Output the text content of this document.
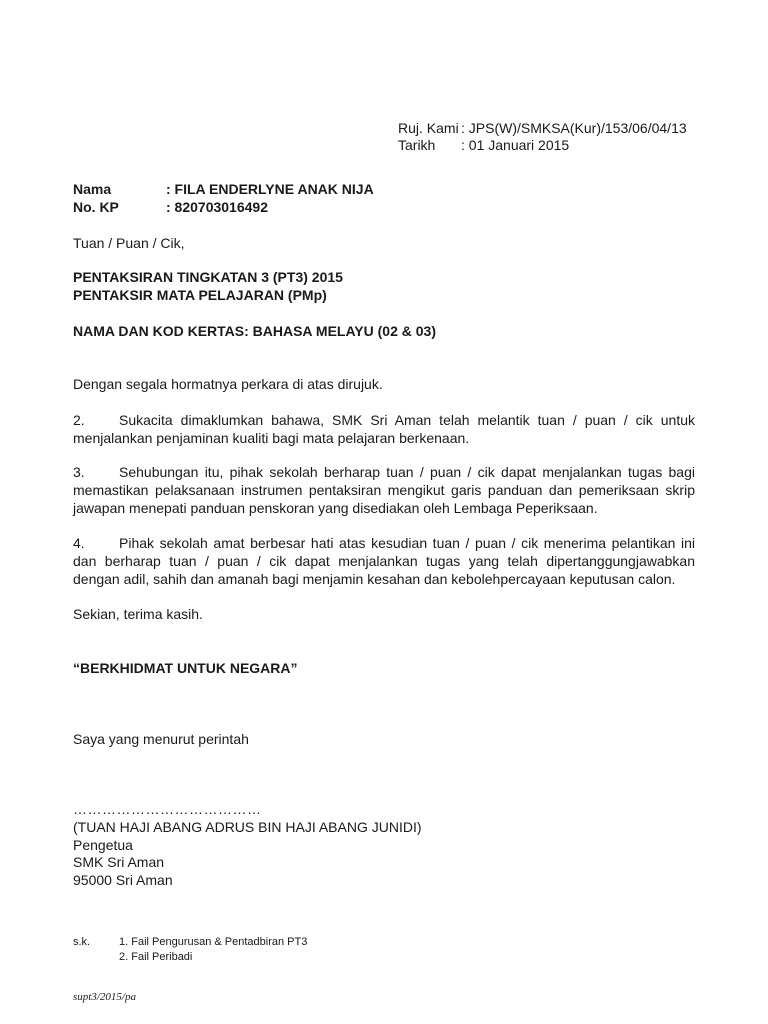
Ruj. Kami : JPS(W)/SMKSA(Kur)/153/06/04/13
Tarikh : 01 Januari 2015
Nama	: FILA ENDERLYNE ANAK NIJA
No. KP	: 820703016492
Tuan / Puan / Cik,
PENTAKSIRAN TINGKATAN 3 (PT3) 2015
PENTAKSIR MATA PELAJARAN (PMp)
NAMA DAN KOD KERTAS: BAHASA MELAYU (02 & 03)
Dengan segala hormatnya perkara di atas dirujuk.
2. Sukacita dimaklumkan bahawa, SMK Sri Aman telah melantik tuan / puan / cik untuk
menjalankan penjaminan kualiti bagi mata pelajaran berkenaan.
3. Sehubungan itu, pihak sekolah berharap tuan / puan / cik dapat menjalankan tugas bagi
memastikan pelaksanaan instrumen pentaksiran mengikut garis panduan dan pemeriksaan skrip
jawapan menepati panduan penskoran yang disediakan oleh Lembaga Peperiksaan.
4. Pihak sekolah amat berbesar hati atas kesudian tuan / puan / cik menerima pelantikan ini
dan berharap tuan / puan / cik dapat menjalankan tugas yang telah dipertanggungjawabkan
dengan adil, sahih dan amanah bagi menjamin kesahan dan kebolehpercayaan keputusan calon.
Sekian, terima kasih.
“BERKHIDMAT UNTUK NEGARA”
Saya yang menurut perintah
…………………………………
(TUAN HAJI ABANG ADRUS BIN HAJI ABANG JUNIDI)
Pengetua
SMK Sri Aman
95000 Sri Aman
s.k.	1. Fail Pengurusan & Pentadbiran PT3
2. Fail Peribadi
supt3/2015/pa
